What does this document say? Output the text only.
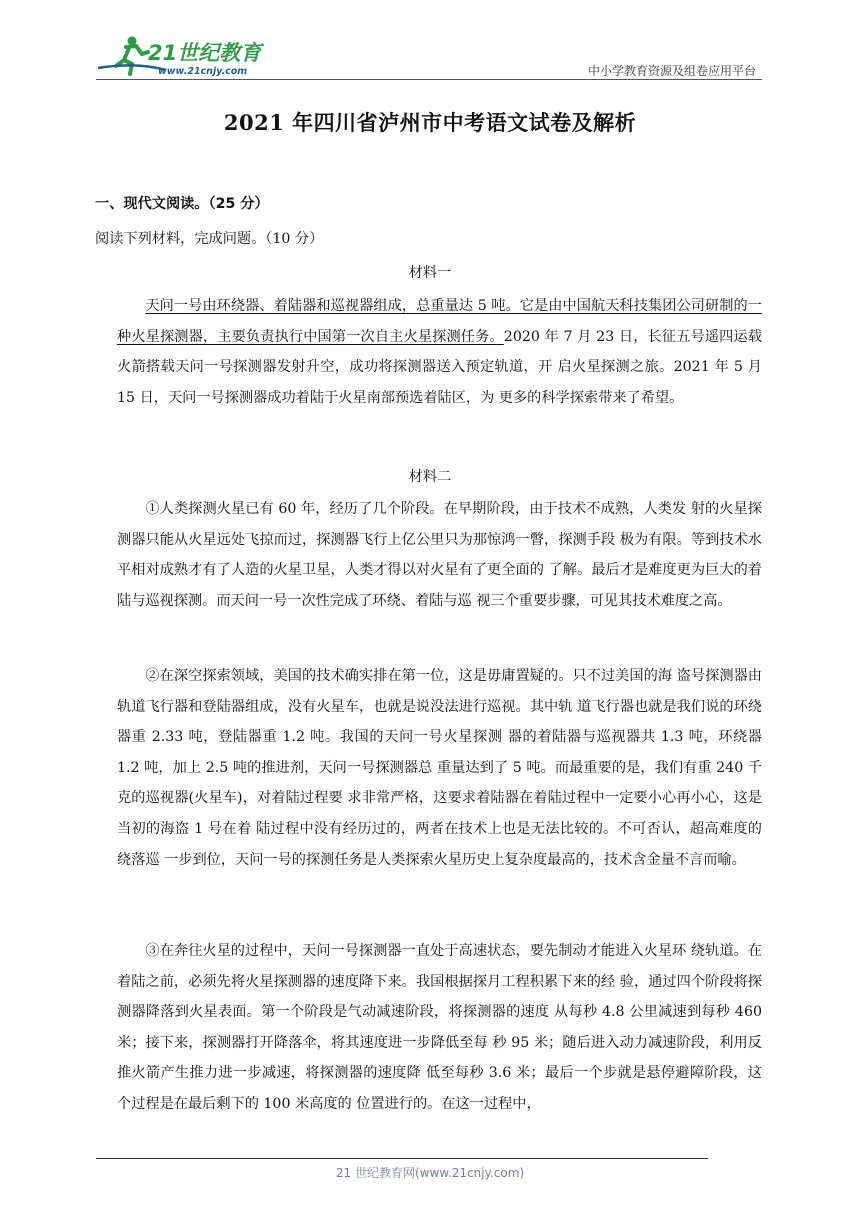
21世纪教育
www.21cnjy.com	中小学教育资源及组卷应用平台
2021 年四川省泸州市中考语文试卷及解析
一、现代文阅读。（25 分）
阅读下列材料，完成问题。（10 分）
材料一
天问一号由环绕器、着陆器和巡视器组成，总重量达 5 吨。它是由中国航天科技集团公司研制的一种火星探测器，主要负责执行中国第一次自主火星探测任务。2020 年 7 月 23 日，长征五号遥四运载火箭搭载天问一号探测器发射升空，成功将探测器送入预定轨道，开 启火星探测之旅。2021 年 5 月 15 日，天问一号探测器成功着陆于火星南部预选着陆区，为 更多的科学探索带来了希望。
材料二
①人类探测火星已有 60 年，经历了几个阶段。在早期阶段，由于技术不成熟，人类发 射的火星探测器只能从火星远处飞掠而过，探测器飞行上亿公里只为那惊鸿一瞥，探测手段 极为有限。等到技术水平相对成熟才有了人造的火星卫星，人类才得以对火星有了更全面的 了解。最后才是难度更为巨大的着陆与巡视探测。而天问一号一次性完成了环绕、着陆与巡 视三个重要步骤，可见其技术难度之高。
②在深空探索领域，美国的技术确实排在第一位，这是毋庸置疑的。只不过美国的海 盗号探测器由轨道飞行器和登陆器组成，没有火星车，也就是说没法进行巡视。其中轨 道飞行器也就是我们说的环绕器重 2.33 吨，登陆器重 1.2 吨。我国的天问一号火星探测 器的着陆器与巡视器共 1.3 吨，环绕器 1.2 吨，加上 2.5 吨的推进剂，天问一号探测器总 重量达到了 5 吨。而最重要的是，我们有重 240 千克的巡视器(火星车)，对着陆过程要 求非常严格，这要求着陆器在着陆过程中一定要小心再小心，这是当初的海盗 1 号在着 陆过程中没有经历过的，两者在技术上也是无法比较的。不可否认，超高难度的绕落巡 一步到位，天问一号的探测任务是人类探索火星历史上复杂度最高的，技术含金量不言而喻。
③在奔往火星的过程中，天问一号探测器一直处于高速状态，要先制动才能进入火星环 绕轨道。在着陆之前，必须先将火星探测器的速度降下来。我国根据探月工程积累下来的经 验，通过四个阶段将探测器降落到火星表面。第一个阶段是气动减速阶段，将探测器的速度 从每秒 4.8 公里减速到每秒 460 米；接下来，探测器打开降落伞，将其速度进一步降低至每 秒 95 米；随后进入动力减速阶段，利用反推火箭产生推力进一步减速，将探测器的速度降 低至每秒 3.6 米；最后一个步就是悬停避障阶段，这个过程是在最后剩下的 100 米高度的 位置进行的。在这一过程中，
21 世纪教育网(www.21cnjy.com)
